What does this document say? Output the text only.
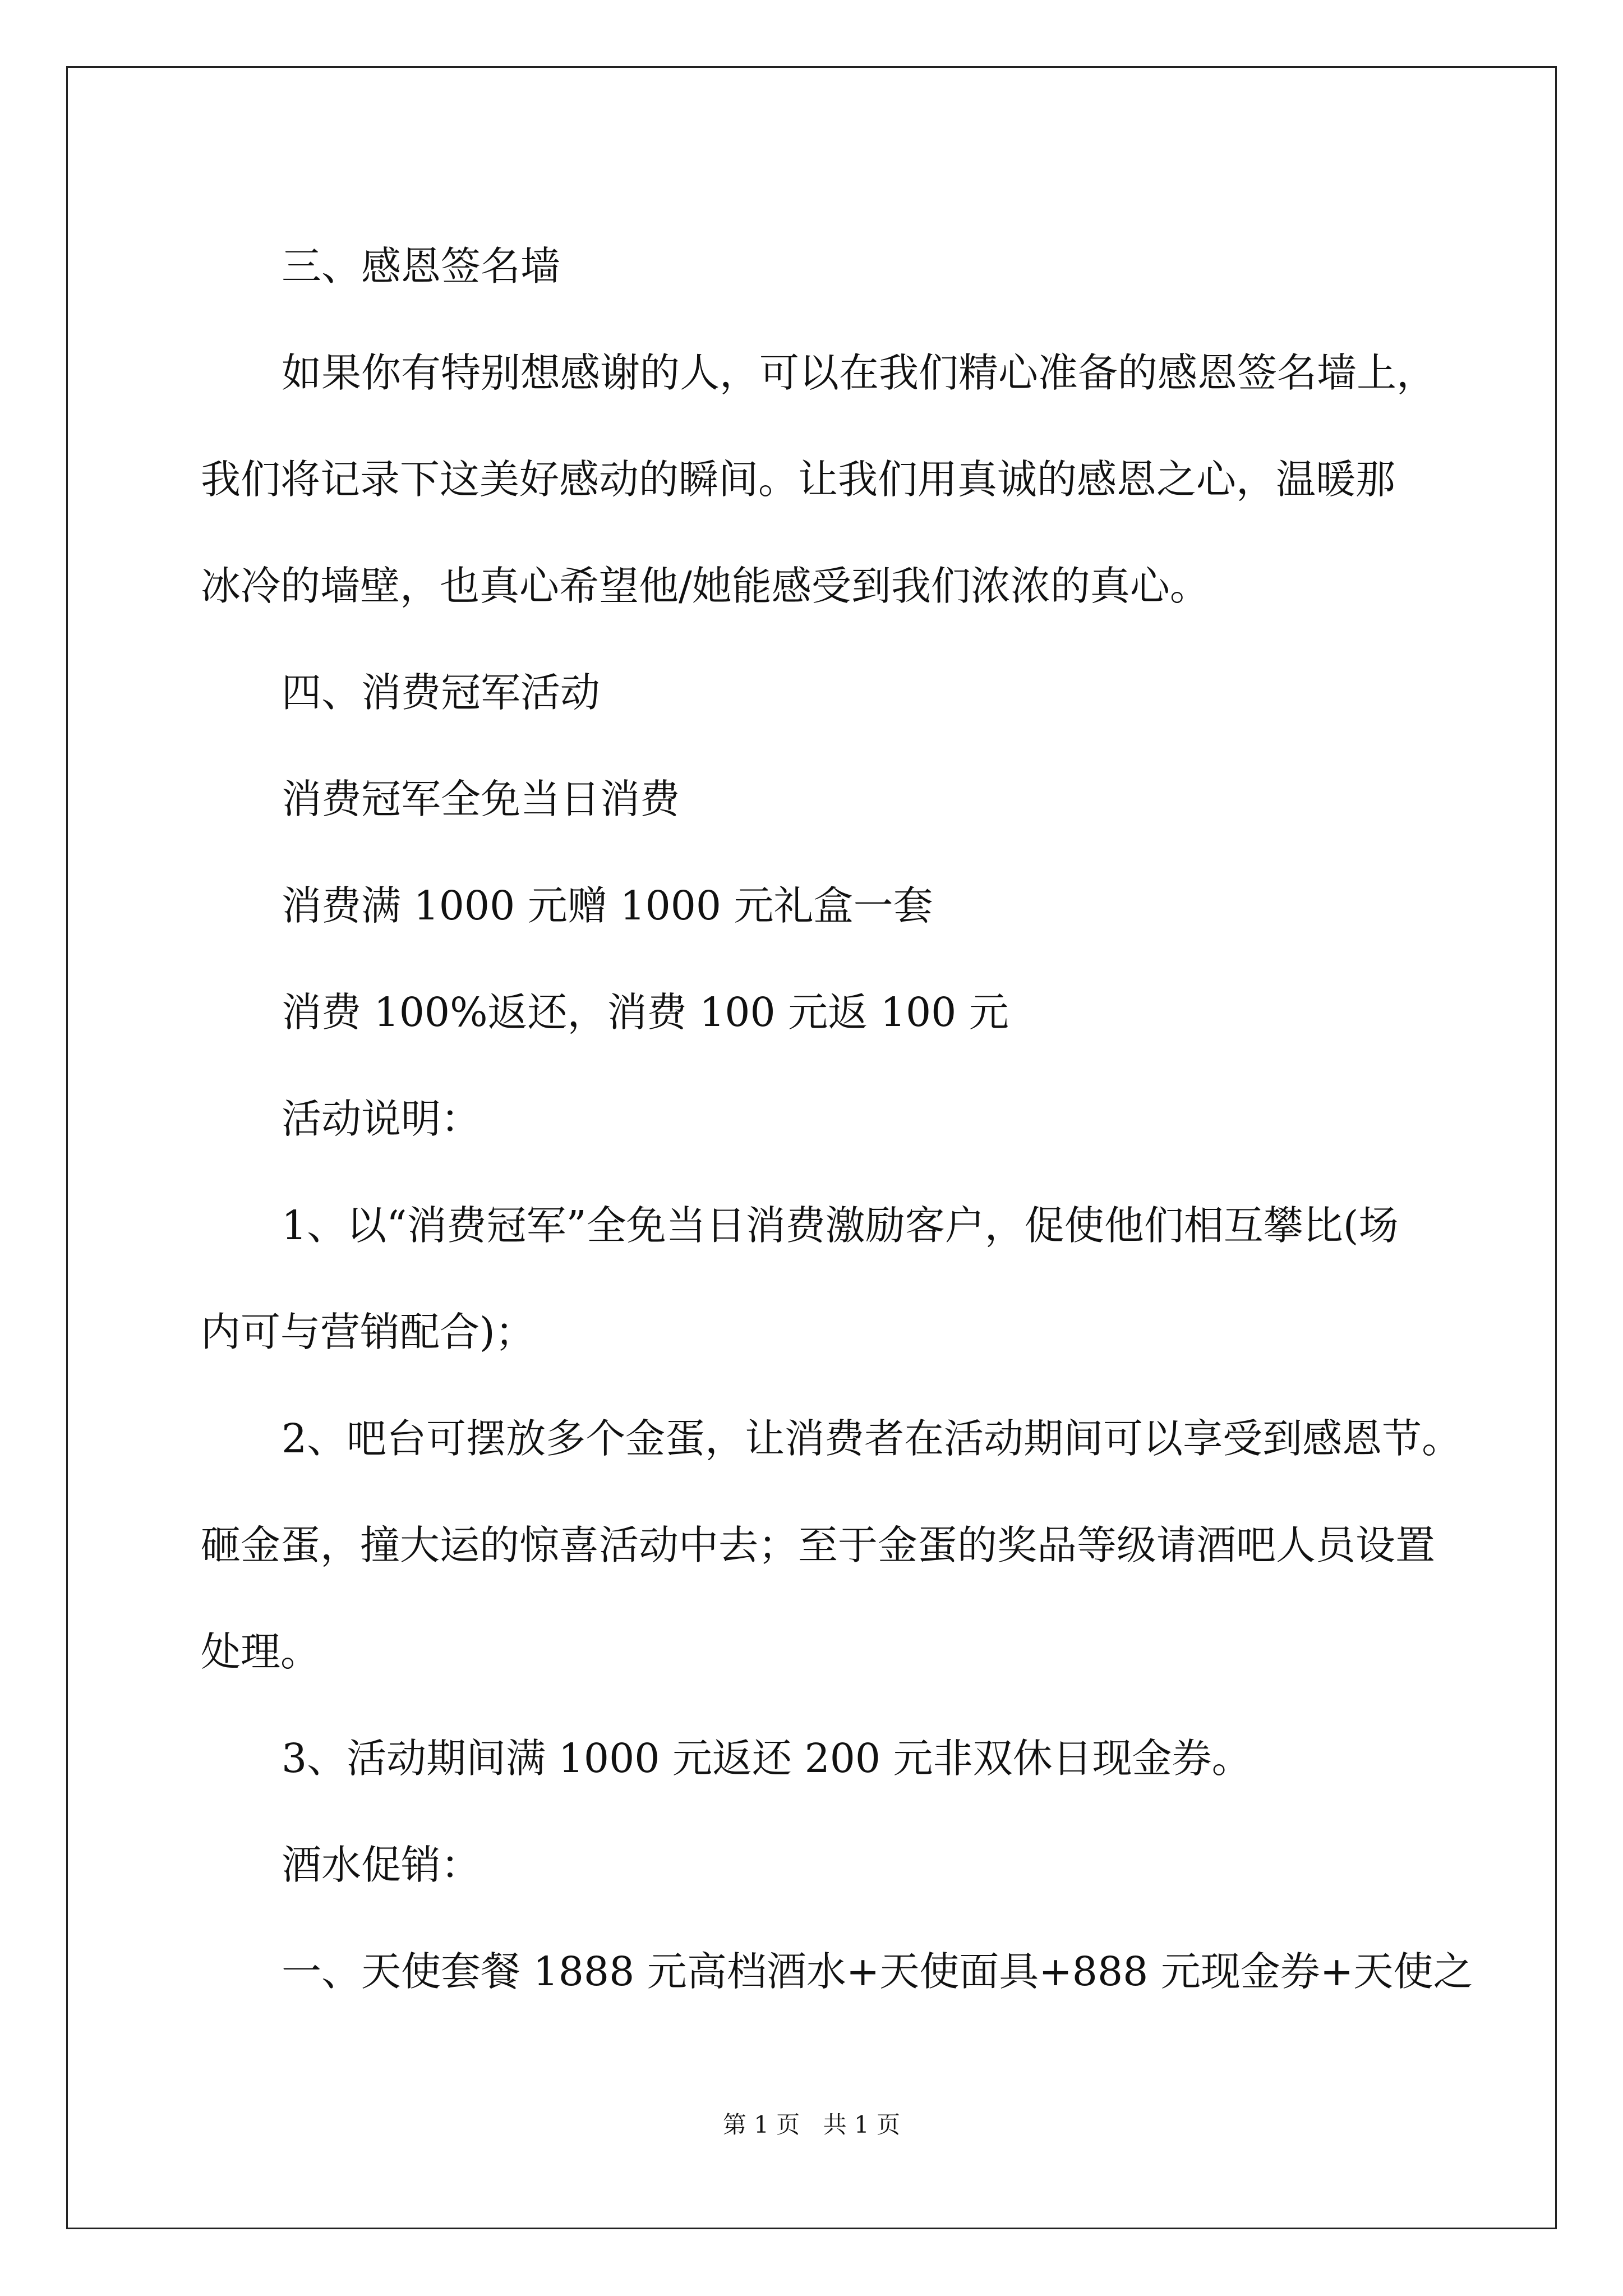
三、感恩签名墙

如果你有特别想感谢的人，可以在我们精心准备的感恩签名墙上，

我们将记录下这美好感动的瞬间。让我们用真诚的感恩之心，温暖那

冰冷的墙壁，也真心希望他/她能感受到我们浓浓的真心。

四、消费冠军活动

消费冠军全免当日消费

消费满 1000 元赠 1000 元礼盒一套

消费 100%返还，消费 100 元返 100 元

活动说明：

1、以“消费冠军”全免当日消费激励客户，促使他们相互攀比(场

内可与营销配合)；

2、吧台可摆放多个金蛋，让消费者在活动期间可以享受到感恩节。

砸金蛋，撞大运的惊喜活动中去；至于金蛋的奖品等级请酒吧人员设置

处理。

3、活动期间满 1000 元返还 200 元非双休日现金券。

酒水促销：

一、天使套餐 1888 元高档酒水+天使面具+888 元现金券+天使之

第 1 页 共 1 页
